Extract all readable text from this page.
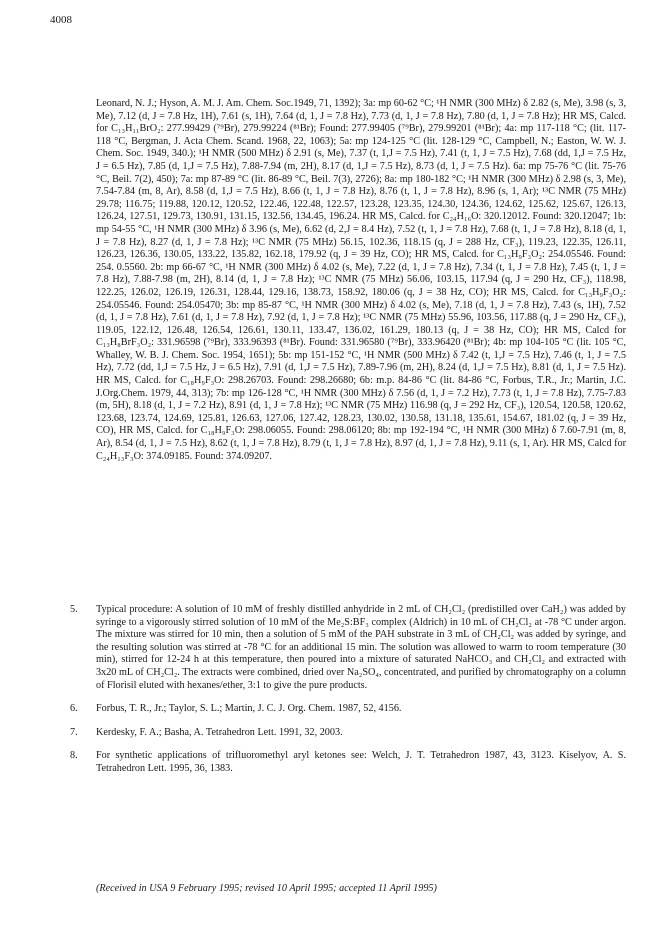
4008
Leonard, N. J.; Hyson, A. M. J. Am. Chem. Soc.1949, 71, 1392); 3a: mp 60-62 °C; ¹H NMR (300 MHz) δ 2.82 (s, Me), 3.98 (s, 3, Me), 7.12 (d, J = 7.8 Hz, 1H), 7.61 (s, 1H), 7.64 (d, 1, J = 7.8 Hz), 7.73 (d, 1, J = 7.8 Hz), 7.80 (d, 1, J = 7.8 Hz); HR MS, Calcd. for C₁₃H₁₁BrO₂: 277.99429 (⁷⁹Br), 279.99224 (⁸¹Br); Found: 277.99405 (⁷⁹Br), 279.99201 (⁸¹Br); 4a: mp 117-118 °C; (lit. 117-118 °C, Bergman, J. Acta Chem. Scand. 1968, 22, 1063); 5a: mp 124-125 °C (lit. 128-129 °C, Campbell, N.; Easton, W. W. J. Chem. Soc. 1949, 340.); ¹H NMR (500 MHz) δ 2.91 (s, Me), 7.37 (t, 1,J = 7.5 Hz), 7.41 (t, 1, J = 7.5 Hz), 7.68 (dd, 1,J = 7.5 Hz, J = 6.5 Hz), 7.85 (d, 1,J = 7.5 Hz), 7.88-7.94 (m, 2H), 8.17 (d, 1,J = 7.5 Hz), 8.73 (d, 1, J = 7.5 Hz). 6a: mp 75-76 °C (lit. 75-76 °C, Beil. 7(2), 450); 7a: mp 87-89 °C (lit. 86-89 °C, Beil. 7(3), 2726); 8a: mp 180-182 °C; ¹H NMR (300 MHz) δ 2.98 (s, 3, Me), 7.54-7.84 (m, 8, Ar), 8.58 (d, 1,J = 7.5 Hz), 8.66 (t, 1, J = 7.8 Hz), 8.76 (t, 1, J = 7.8 Hz), 8.96 (s, 1, Ar); ¹³C NMR (75 MHz) 29.78; 116.75; 119.88, 120.12, 120.52, 122.46, 122.48, 122.57, 123.28, 123.35, 124.30, 124.36, 124.62, 125.62, 125.67, 126.13, 126.24, 127.51, 129.73, 130.91, 131.15, 132.56, 134.45, 196.24. HR MS, Calcd. for C₂₄H₁₆O: 320.12012. Found: 320.12047; 1b: mp 54-55 °C, ¹H NMR (300 MHz) δ 3.96 (s, Me), 6.62 (d, 2,J = 8.4 Hz), 7.52 (t, 1, J = 7.8 Hz), 7.68 (t, 1, J = 7.8 Hz), 8.18 (d, 1, J = 7.8 Hz), 8.27 (d, 1, J = 7.8 Hz); ¹³C NMR (75 MHz) 56.15, 102.36, 118.15 (q, J = 288 Hz, CF₃), 119.23, 122.35, 126.11, 126.23, 126.36, 130.05, 133.22, 135.82, 162.18, 179.92 (q, J = 39 Hz, CO); HR MS, Calcd. for C₁₃H₉F₃O₂: 254.05546. Found: 254. 0.5560. 2b: mp 66-67 °C, ¹H NMR (300 MHz) δ 4.02 (s, Me), 7.22 (d, 1, J = 7.8 Hz), 7.34 (t, 1, J = 7.8 Hz), 7.45 (t, 1, J = 7.8 Hz), 7.88-7.98 (m, 2H), 8.14 (d, 1, J = 7.8 Hz); ¹³C NMR (75 MHz) 56.06, 103.15, 117.94 (q, J = 290 Hz, CF₃), 118.98, 122.25, 126.02, 126.19, 126.31, 128.44, 129.16, 138.73, 158.92, 180.06 (q, J = 38 Hz, CO); HR MS, Calcd. for C₁₃H₉F₃O₂: 254.05546. Found: 254.05470; 3b: mp 85-87 °C, ¹H NMR (300 MHz) δ 4.02 (s, Me), 7.18 (d, 1, J = 7.8 Hz), 7.43 (s, 1H), 7.52 (d, 1, J = 7.8 Hz), 7.61 (d, 1, J = 7.8 Hz), 7.92 (d, 1, J = 7.8 Hz); ¹³C NMR (75 MHz) 55.96, 103.56, 117.88 (q, J = 290 Hz, CF₃), 119.05, 122.12, 126.48, 126.54, 126.61, 130.11, 133.47, 136.02, 161.29, 180.13 (q, J = 38 Hz, CO); HR MS, Calcd for C₁₃H₈BrF₃O₂: 331.96598 (⁷⁹Br), 333.96393 (⁸¹Br). Found: 331.96580 (⁷⁹Br), 333.96420 (⁸¹Br); 4b: mp 104-105 °C (lit. 105 °C, Whalley, W. B. J. Chem. Soc. 1954, 1651); 5b: mp 151-152 °C, ¹H NMR (500 MHz) δ 7.42 (t, 1,J = 7.5 Hz), 7.46 (t, 1, J = 7.5 Hz), 7.72 (dd, 1,J = 7.5 Hz, J = 6.5 Hz), 7.91 (d, 1,J = 7.5 Hz), 7.89-7.96 (m, 2H), 8.24 (d, 1,J = 7.5 Hz), 8.81 (d, 1, J = 7.5 Hz). HR MS, Calcd. for C₁₈H₉F₃O: 298.26703. Found: 298.26680; 6b: m.p. 84-86 °C (lit. 84-86 °C, Forbus, T.R., Jr.; Martin, J.C. J.Org.Chem. 1979, 44, 313); 7b: mp 126-128 °C, ¹H NMR (300 MHz) δ 7.56 (d, 1, J = 7.2 Hz), 7.73 (t, 1, J = 7.8 Hz), 7.75-7.83 (m, 5H), 8.18 (d, 1, J = 7.2 Hz), 8.91 (d, 1, J = 7.8 Hz); ¹³C NMR (75 MHz) 116.98 (q, J = 292 Hz, CF₃), 120.54, 120.58, 120.62, 123.68, 123.74, 124.69, 125.81, 126.63, 127.06, 127.42, 128.23, 130.02, 130.58, 131.18, 135.61, 154.67, 181.02 (q, J = 39 Hz, CO), HR MS, Calcd. for C₁₈H₉F₃O: 298.06055. Found: 298.06120; 8b: mp 192-194 °C, ¹H NMR (300 MHz) δ 7.60-7.91 (m, 8, Ar), 8.54 (d, 1, J = 7.5 Hz), 8.62 (t, 1, J = 7.8 Hz), 8.79 (t, 1, J = 7.8 Hz), 8.97 (d, 1, J = 7.8 Hz), 9.11 (s, 1, Ar). HR MS, Calcd for C₂₄H₁₃F₃O: 374.09185. Found: 374.09207.
5. Typical procedure: A solution of 10 mM of freshly distilled anhydride in 2 mL of CH₂Cl₂ (predistilled over CaH₂) was added by syringe to a vigorously stirred solution of 10 mM of the Me₂S:BF₃ complex (Aldrich) in 10 mL of CH₂Cl₂ at -78 °C under argon. The mixture was stirred for 10 min, then a solution of 5 mM of the PAH substrate in 3 mL of CH₂Cl₂ was added by syringe, and the resulting solution was stirred at -78 °C for an additional 15 min. The solution was allowed to warm to room temperature (30 min), stirred for 12-24 h at this temperature, then poured into a mixture of saturated NaHCO₃ and CH₂Cl₂ and extracted with 3x20 mL of CH₂Cl₂. The extracts were combined, dried over Na₂SO₄, concentrated, and purified by chromatography on a column of Florisil eluted with hexanes/ether, 3:1 to give the pure products.
6. Forbus, T. R., Jr.; Taylor, S. L.; Martin, J. C. J. Org. Chem. 1987, 52, 4156.
7. Kerdesky, F. A.; Basha, A. Tetrahedron Lett. 1991, 32, 2003.
8. For synthetic applications of trifluoromethyl aryl ketones see: Welch, J. T. Tetrahedron 1987, 43, 3123. Kiselyov, A. S. Tetrahedron Lett. 1995, 36, 1383.
(Received in USA 9 February 1995; revised 10 April 1995; accepted 11 April 1995)
